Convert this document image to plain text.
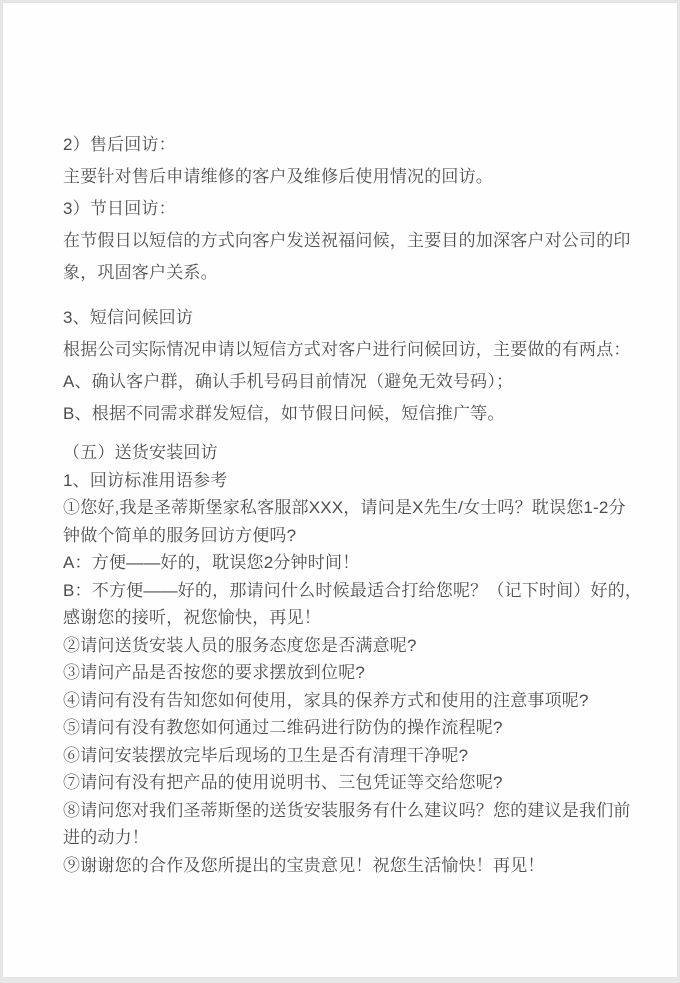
2）售后回访：

主要针对售后申请维修的客户及维修后使用情况的回访。

3）节日回访：

在节假日以短信的方式向客户发送祝福问候，主要目的加深客户对公司的印
象，巩固客户关系。

3、短信问候回访

根据公司实际情况申请以短信方式对客户进行问候回访，主要做的有两点：

A、确认客户群，确认手机号码目前情况（避免无效号码）；

B、根据不同需求群发短信，如节假日问候，短信推广等。

（五）送货安装回访

1、回访标准用语参考

①您好,我是圣蒂斯堡家私客服部XXX，请问是X先生/女士吗？耽误您1-2分
钟做个简单的服务回访方便吗?

A：方便——好的，耽误您2分钟时间！

B：不方便——好的，那请问什么时候最适合打给您呢？（记下时间）好的，
感谢您的接听，祝您愉快，再见！

②请问送货安装人员的服务态度您是否满意呢?

③请问产品是否按您的要求摆放到位呢?

④请问有没有告知您如何使用，家具的保养方式和使用的注意事项呢?

⑤请问有没有教您如何通过二维码进行防伪的操作流程呢?

⑥请问安装摆放完毕后现场的卫生是否有清理干净呢?

⑦请问有没有把产品的使用说明书、三包凭证等交给您呢?

⑧请问您对我们圣蒂斯堡的送货安装服务有什么建议吗？您的建议是我们前
进的动力！

⑨谢谢您的合作及您所提出的宝贵意见！祝您生活愉快！再见！
